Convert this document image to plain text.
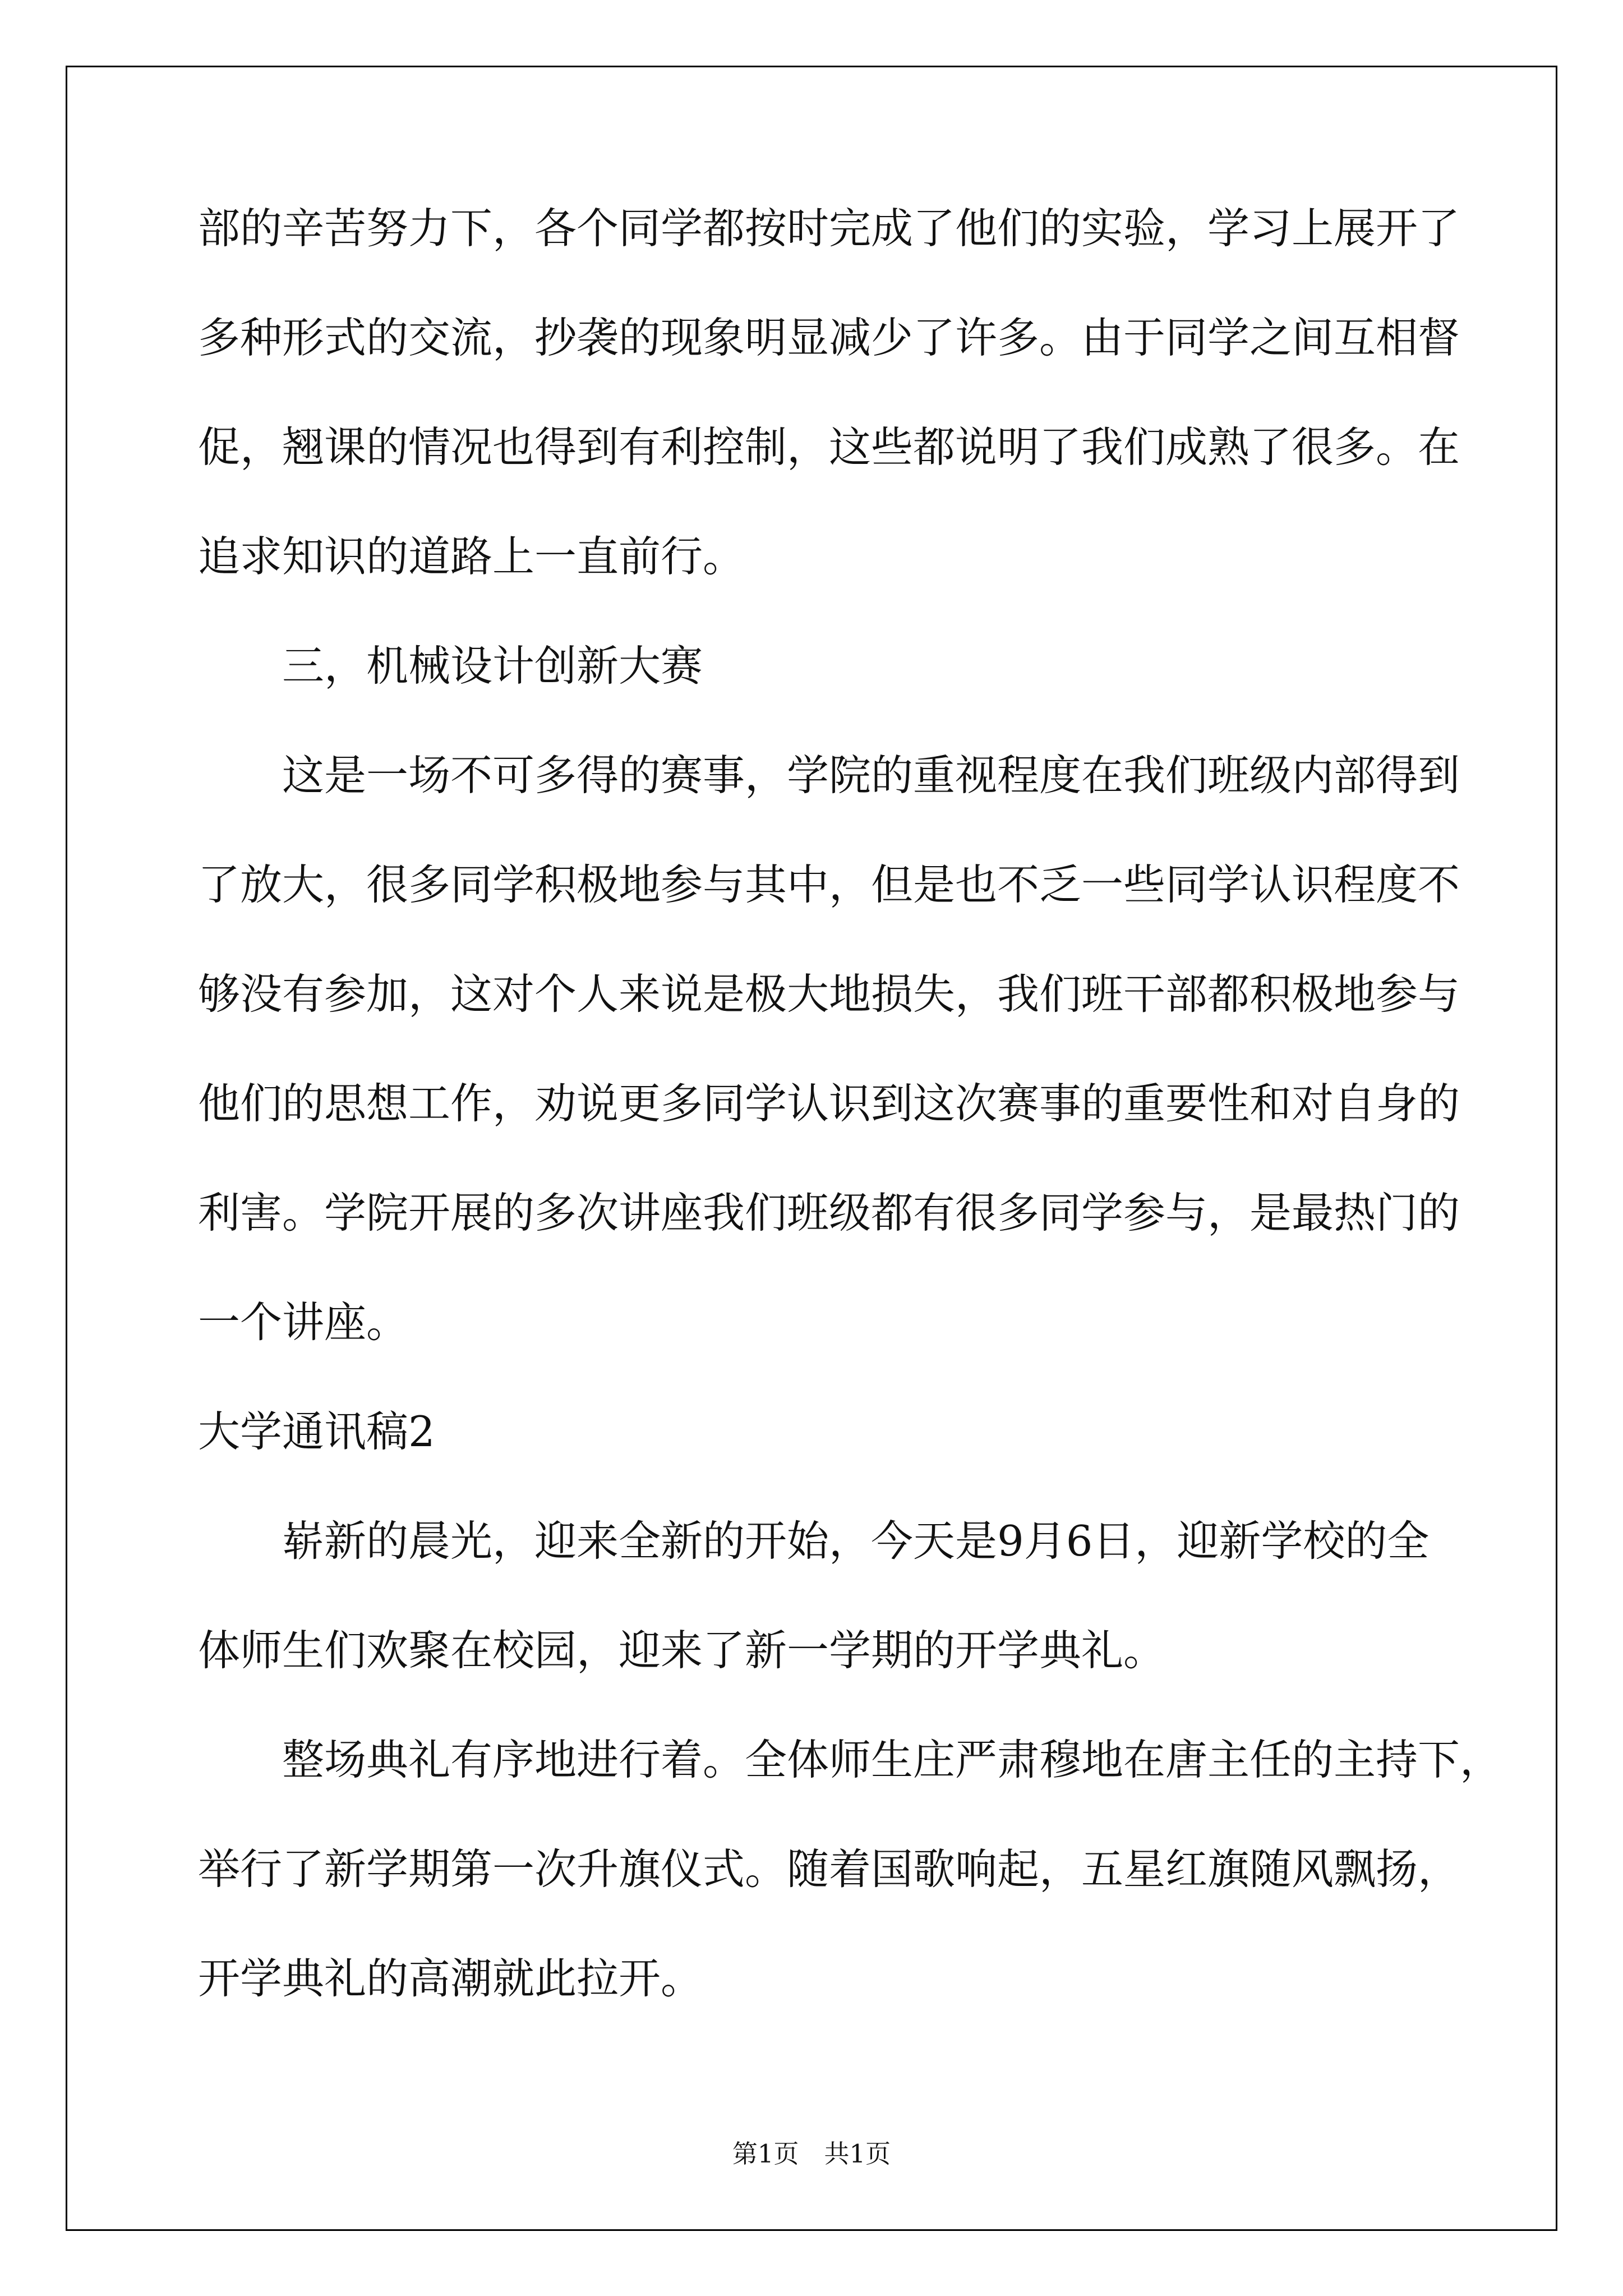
部的辛苦努力下，各个同学都按时完成了他们的实验，学习上展开了
多种形式的交流，抄袭的现象明显减少了许多。由于同学之间互相督
促，翘课的情况也得到有利控制，这些都说明了我们成熟了很多。在
追求知识的道路上一直前行。
三，机械设计创新大赛
这是一场不可多得的赛事，学院的重视程度在我们班级内部得到
了放大，很多同学积极地参与其中，但是也不乏一些同学认识程度不
够没有参加，这对个人来说是极大地损失，我们班干部都积极地参与
他们的思想工作，劝说更多同学认识到这次赛事的重要性和对自身的
利害。学院开展的多次讲座我们班级都有很多同学参与，是最热门的
一个讲座。
大学通讯稿2
崭新的晨光，迎来全新的开始，今天是9月6日，迎新学校的全
体师生们欢聚在校园，迎来了新一学期的开学典礼。
整场典礼有序地进行着。全体师生庄严肃穆地在唐主任的主持下，
举行了新学期第一次升旗仪式。随着国歌响起，五星红旗随风飘扬，
开学典礼的高潮就此拉开。
第1页　共1页
